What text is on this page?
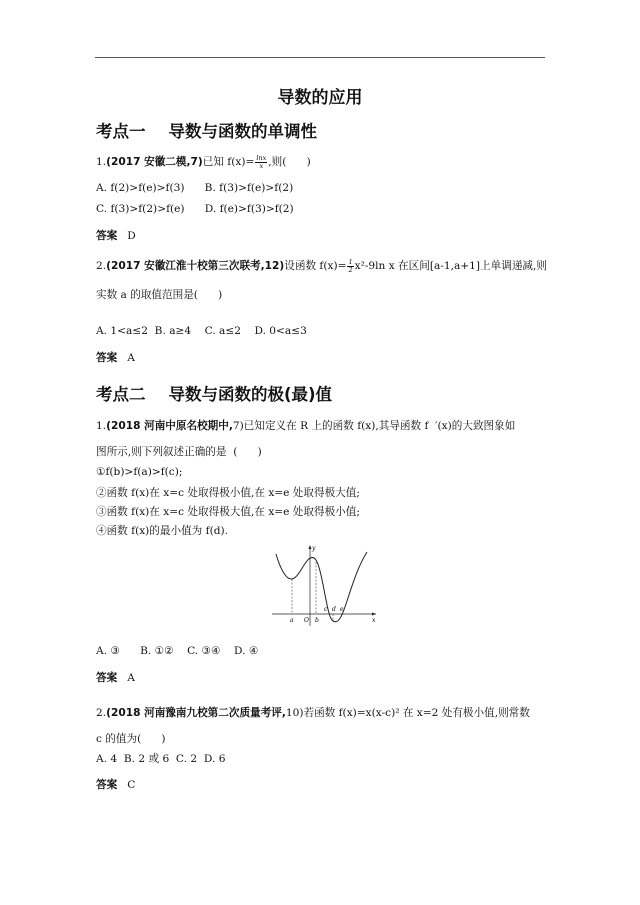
导数的应用
考点一    导数与函数的单调性
1.(2017 安徽二模,7)已知 $f(x)= \frac{\ln x}{x}$ ,则(      )
A. f(2)>f(e)>f(3)      B. f(3)>f(e)>f(2)
C. f(3)>f(2)>f(e)      D. f(e)>f(3)>f(2)
答案 D
2.(2017 安徽江淮十校第三次联考,12)设函数 $f(x)= \frac{1}{2} x^2-9\ln$ x 在区间[a-1,a+1]上单调递减,则
实数 a 的取值范围是(      )
A. 1<a≤2  B. a≥4    C. a≤2    D. 0<a≤3
答案 A
考点二    导数与函数的极(最)值
1.(2018 河南中原名校期中,7)已知定义在 R 上的函数 f(x),其导函数 f  ′(x)的大致图象如
图所示,则下列叙述正确的是  (      )
①f(b)>f(a)>f(c);
②函数 f(x)在 x=c 处取得极小值,在 x=e 处取得极大值;
③函数 f(x)在 x=c 处取得极大值,在 x=e 处取得极小值;
④函数 f(x)的最小值为 f(d).
y
x
a O b
c d e
A. ③      B. ①②    C. ③④    D. ④
答案 A
2.(2018 河南豫南九校第二次质量考评,10)若函数 f(x)=x(x-c)² 在 x=2 处有极小值,则常数
c 的值为(      )
A. 4  B. 2 或 6  C. 2  D. 6
答案 C
